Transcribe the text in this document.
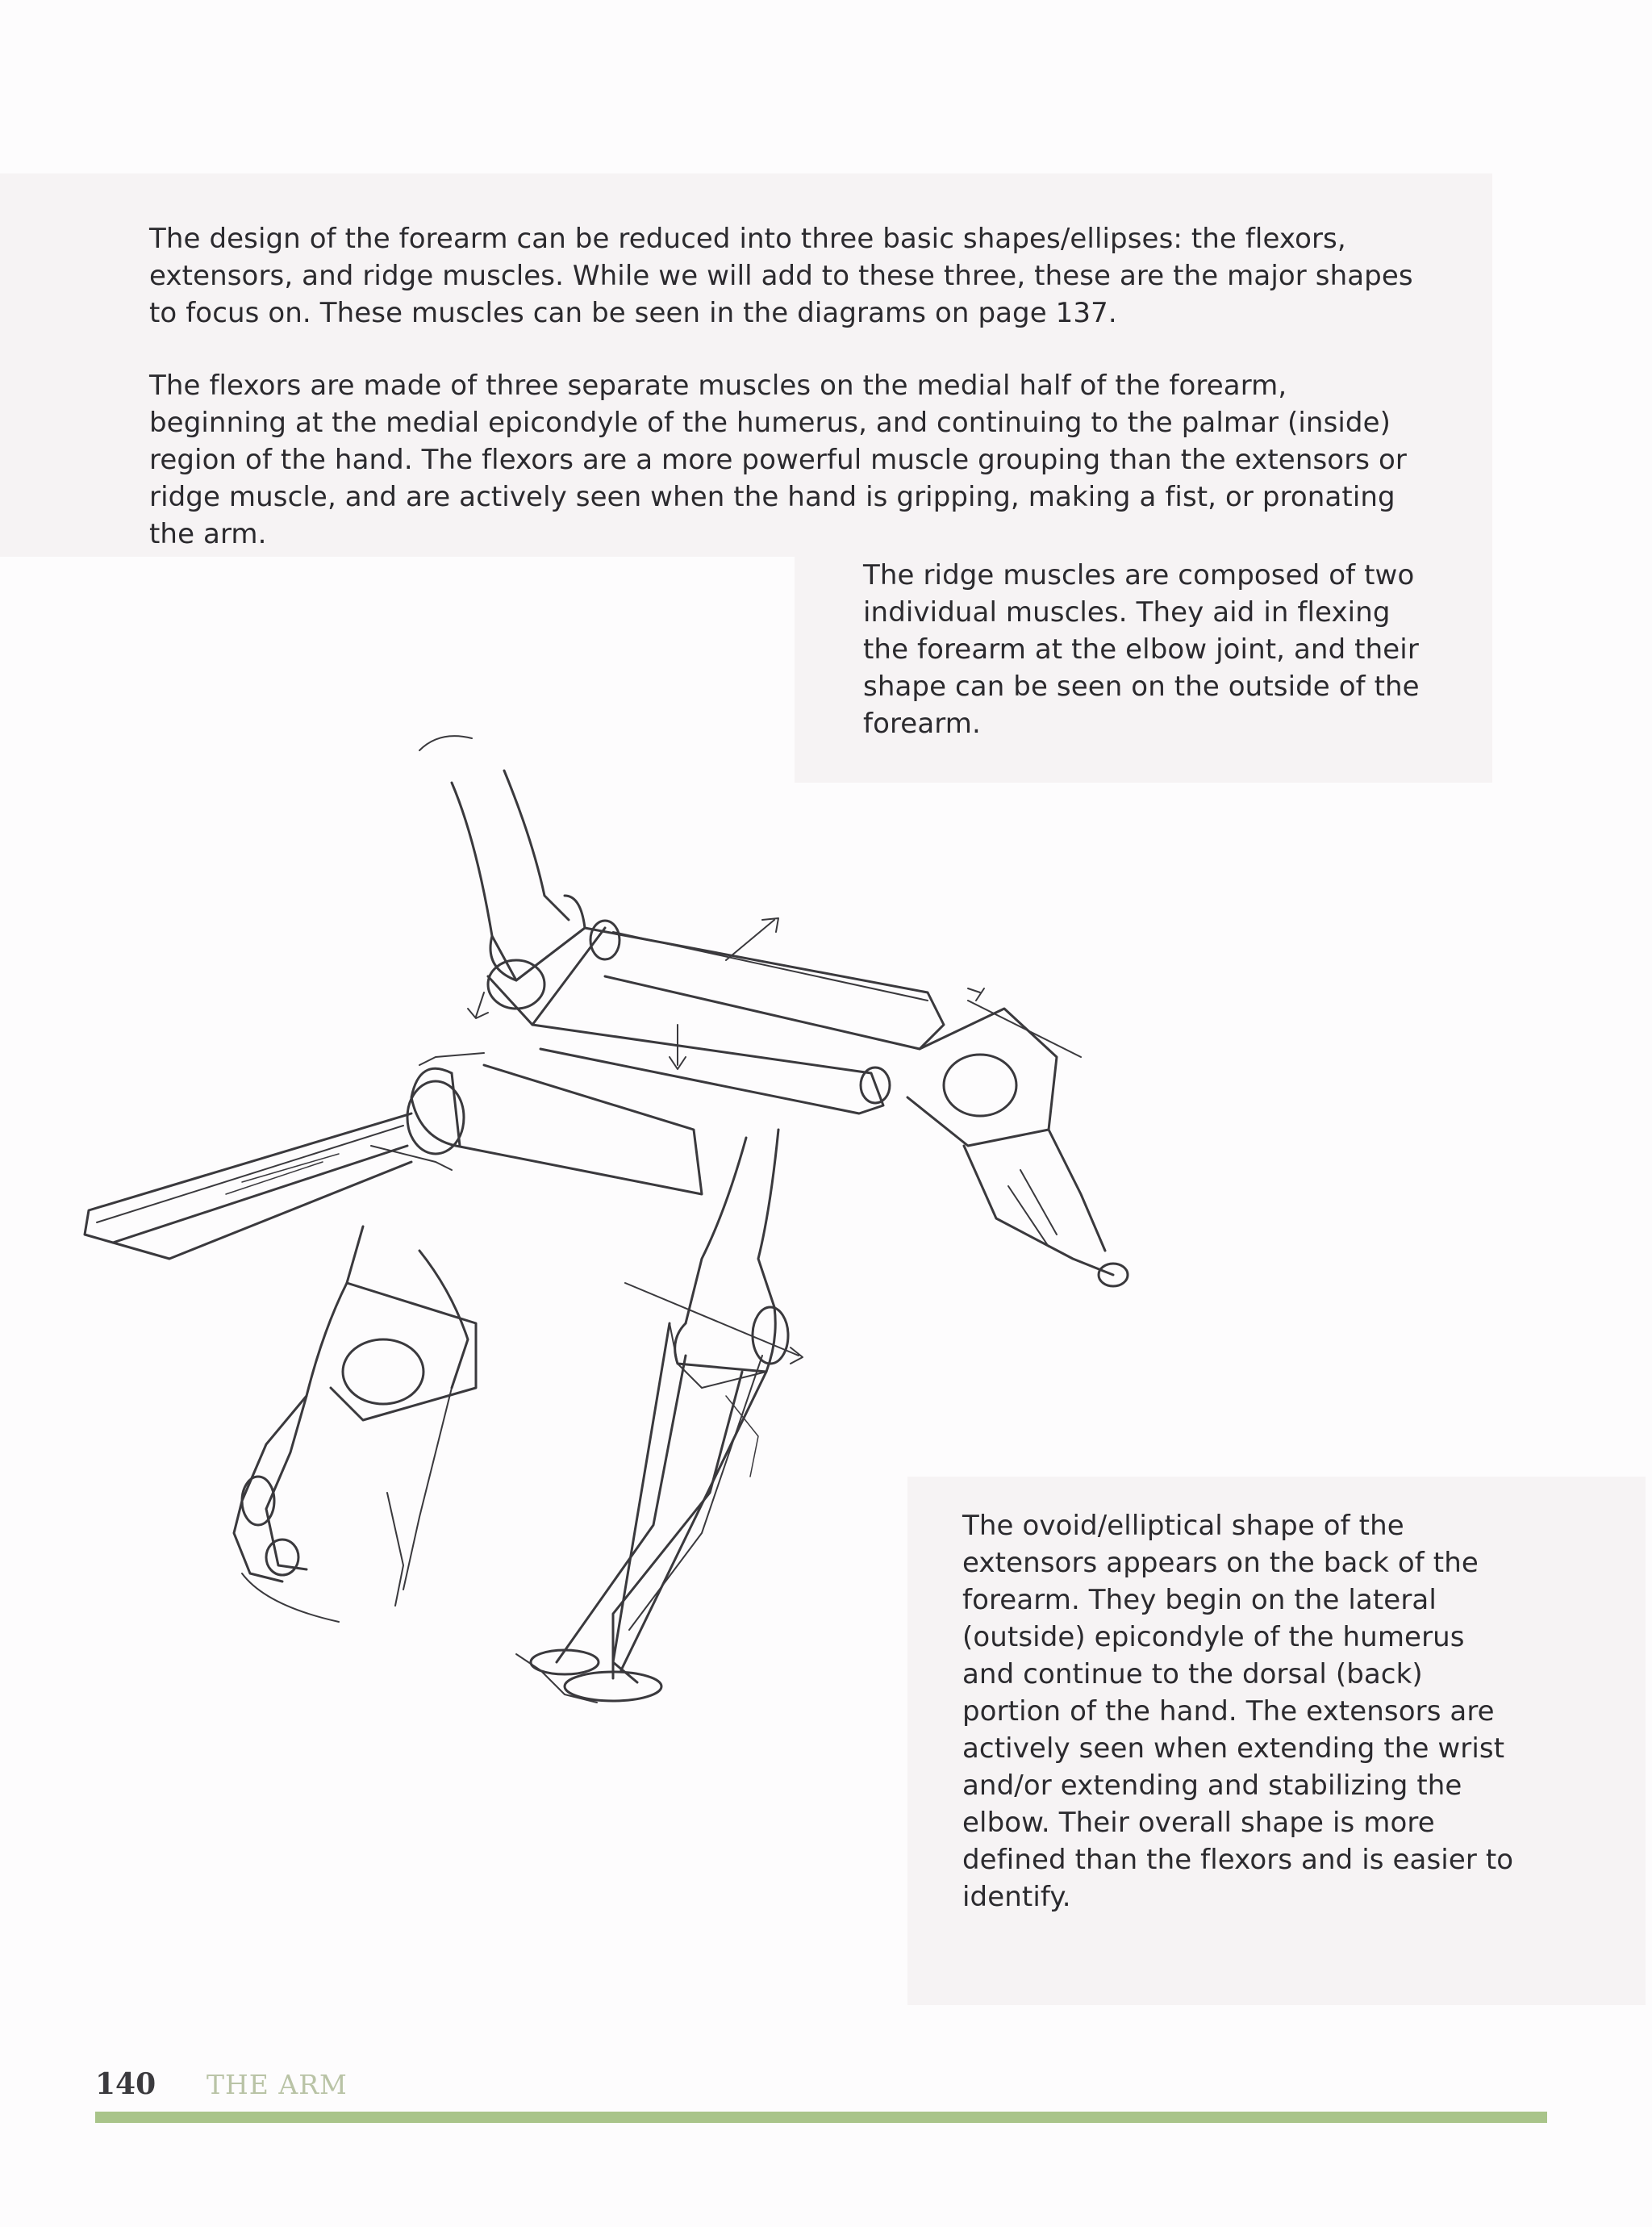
The design of the forearm can be reduced into three basic shapes/ellipses: the flexors, extensors, and ridge muscles. While we will add to these three, these are the major shapes to focus on. These muscles can be seen in the diagrams on page 137.

The flexors are made of three separate muscles on the medial half of the forearm, beginning at the medial epicondyle of the humerus, and continuing to the palmar (inside) region of the hand. The flexors are a more powerful muscle grouping than the extensors or ridge muscle, and are actively seen when the hand is gripping, making a fist, or pronating the arm.

The ridge muscles are composed of two individual muscles. They aid in flexing the forearm at the elbow joint, and their shape can be seen on the outside of the forearm.

The ovoid/elliptical shape of the extensors appears on the back of the forearm. They begin on the lateral (outside) epicondyle of the humerus and continue to the dorsal (back) portion of the hand. The extensors are actively seen when extending the wrist and/or extending and stabilizing the elbow. Their overall shape is more defined than the flexors and is easier to identify.

140 THE ARM
